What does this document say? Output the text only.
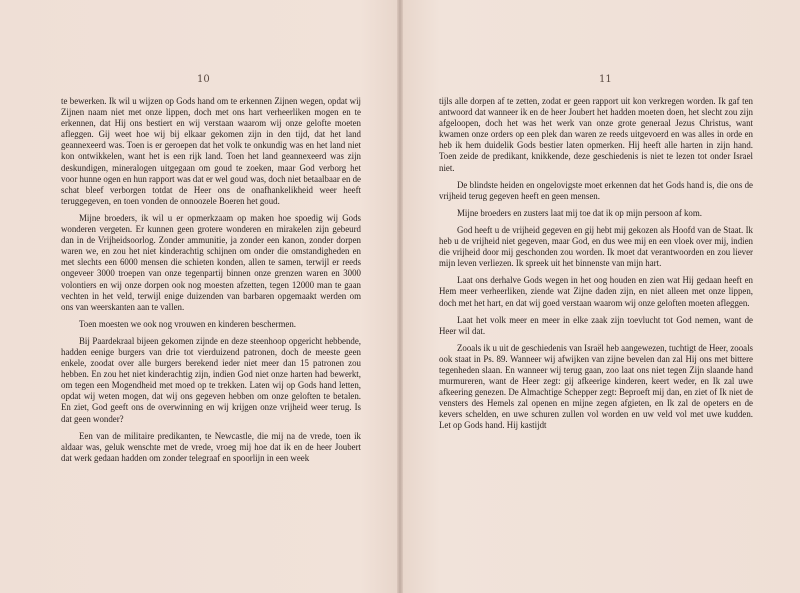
10

te bewerken. Ik wil u wijzen op Gods hand om te erkennen Zijnen wegen, opdat wij Zijnen naam niet met onze lippen, doch met ons hart verheerliken mogen en te erkennen, dat Hij ons bestiert en wij verstaan waarom wij onze gelofte moeten afleggen. Gij weet hoe wij bij elkaar gekomen zijn in den tijd, dat het land geannexeerd was. Toen is er geroepen dat het volk te onkundig was en het land niet kon ontwikkelen, want het is een rijk land. Toen het land geannexeerd was zijn deskundigen, mineralogen uitgegaan om goud te zoeken, maar God verborg het voor hunne ogen en hun rapport was dat er wel goud was, doch niet betaalbaar en de schat bleef verborgen totdat de Heer ons de onafhankelikheid weer heeft teruggegeven, en toen vonden de onnoozele Boeren het goud.

Mijne broeders, ik wil u er opmerkzaam op maken hoe spoedig wij Gods wonderen vergeten. Er kunnen geen grotere wonderen en mirakelen zijn gebeurd dan in de Vrijheidsoorlog. Zonder ammunitie, ja zonder een kanon, zonder dorpen waren we, en zou het niet kinderachtig schijnen om onder die omstandigheden en met slechts een 6000 mensen die schieten konden, allen te samen, terwijl er reeds ongeveer 3000 troepen van onze tegenpartij binnen onze grenzen waren en 3000 volontiers en wij onze dorpen ook nog moesten afzetten, tegen 12000 man te gaan vechten in het veld, terwijl enige duizenden van barbaren opgemaakt werden om ons van weerskanten aan te vallen.

Toen moesten we ook nog vrouwen en kinderen beschermen.

Bij Paardekraal bijeen gekomen zijnde en deze steenhoop opgericht hebbende, hadden eenige burgers van drie tot vierduizend patronen, doch de meeste geen enkele, zoodat over alle burgers berekend ieder niet meer dan 15 patronen zou hebben. En zou het niet kinderachtig zijn, indien God niet onze harten had bewerkt, om tegen een Mogendheid met moed op te trekken. Laten wij op Gods hand letten, opdat wij weten mogen, dat wij ons gegeven hebben om onze geloften te betalen. En ziet, God geeft ons de overwinning en wij krijgen onze vrijheid weer terug. Is dat geen wonder?

Een van de militaire predikanten, te Newcastle, die mij na de vrede, toen ik aldaar was, geluk wenschte met de vrede, vroeg mij hoe dat ik en de heer Joubert dat werk gedaan hadden om zonder telegraaf en spoorlijn in een week

11

tijls alle dorpen af te zetten, zodat er geen rapport uit kon verkregen worden. Ik gaf ten antwoord dat wanneer ik en de heer Joubert het hadden moeten doen, het slecht zou zijn afgeloopen, doch het was het werk van onze grote generaal Jezus Christus, want kwamen onze orders op een plek dan waren ze reeds uitgevoerd en was alles in orde en heb ik hem duidelik Gods bestier laten opmerken. Hij heeft alle harten in zijn hand. Toen zeide de predikant, knikkende, deze geschiedenis is niet te lezen tot onder Israel niet.

De blindste heiden en ongelovigste moet erkennen dat het Gods hand is, die ons de vrijheid terug gegeven heeft en geen mensen.

Mijne broeders en zusters laat mij toe dat ik op mijn persoon af kom.

God heeft u de vrijheid gegeven en gij hebt mij gekozen als Hoofd van de Staat. Ik heb u de vrijheid niet gegeven, maar God, en dus wee mij en een vloek over mij, indien die vrijheid door mij geschonden zou worden. Ik moet dat verantwoorden en zou liever mijn leven verliezen. Ik spreek uit het binnenste van mijn hart.

Laat ons derhalve Gods wegen in het oog houden en zien wat Hij gedaan heeft en Hem meer verheerliken, ziende wat Zijne daden zijn, en niet alleen met onze lippen, doch met het hart, en dat wij goed verstaan waarom wij onze geloften moeten afleggen.

Laat het volk meer en meer in elke zaak zijn toevlucht tot God nemen, want de Heer wil dat.

Zooals ik u uit de geschiedenis van Israël heb aangewezen, tuchtigt de Heer, zooals ook staat in Ps. 89. Wanneer wij afwijken van zijne bevelen dan zal Hij ons met bittere tegenheden slaan. En wanneer wij terug gaan, zoo laat ons niet tegen Zijn slaande hand murmureren, want de Heer zegt: gij afkeerige kinderen, keert weder, en Ik zal uwe afkeering genezen. De Almachtige Schepper zegt: Beproeft mij dan, en ziet of Ik niet de vensters des Hemels zal openen en mijne zegen afgieten, en Ik zal de opeters en de kevers schelden, en uwe schuren zullen vol worden en uw veld vol met uwe kudden. Let op Gods hand. Hij kastijdt
